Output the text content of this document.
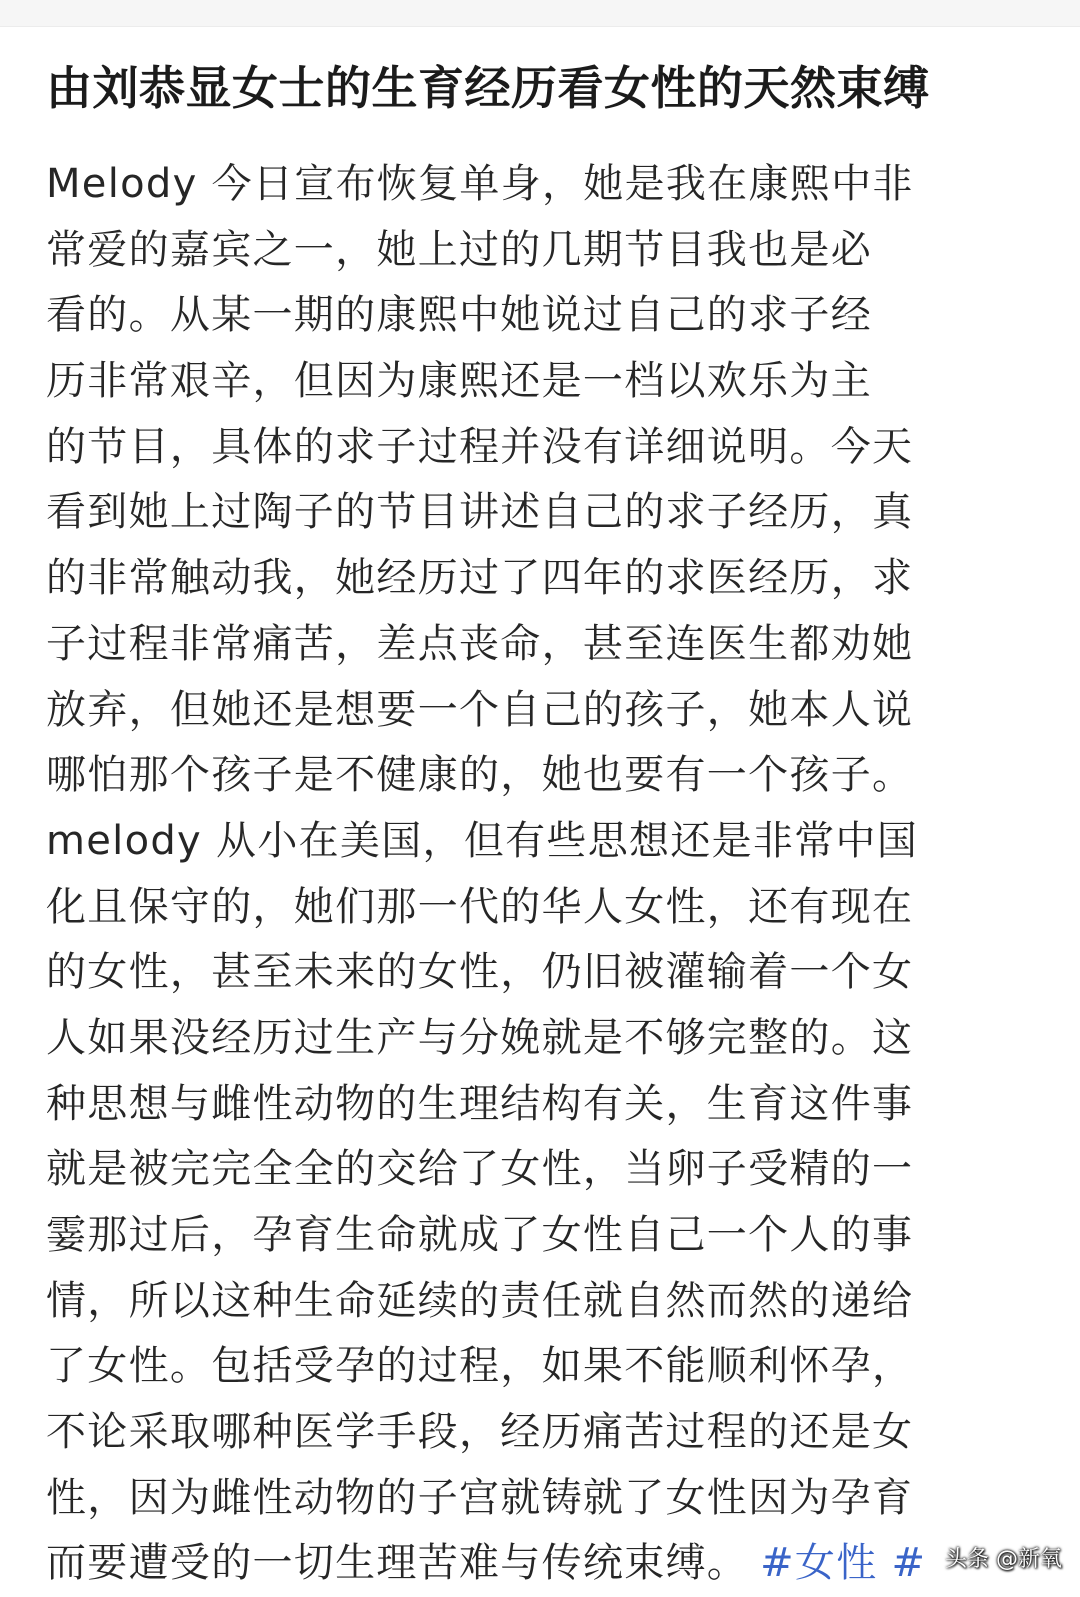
由刘恭显女士的生育经历看女性的天然束缚
Melody 今日宣布恢复单身，她是我在康熙中非
常爱的嘉宾之一，她上过的几期节目我也是必
看的。从某一期的康熙中她说过自己的求子经
历非常艰辛，但因为康熙还是一档以欢乐为主
的节目，具体的求子过程并没有详细说明。今天
看到她上过陶子的节目讲述自己的求子经历，真
的非常触动我，她经历过了四年的求医经历，求
子过程非常痛苦，差点丧命，甚至连医生都劝她
放弃，但她还是想要一个自己的孩子，她本人说
哪怕那个孩子是不健康的，她也要有一个孩子。
melody 从小在美国，但有些思想还是非常中国
化且保守的，她们那一代的华人女性，还有现在
的女性，甚至未来的女性，仍旧被灌输着一个女
人如果没经历过生产与分娩就是不够完整的。这
种思想与雌性动物的生理结构有关，生育这件事
就是被完完全全的交给了女性，当卵子受精的一
霎那过后，孕育生命就成了女性自己一个人的事
情，所以这种生命延续的责任就自然而然的递给
了女性。包括受孕的过程，如果不能顺利怀孕，
不论采取哪种医学手段，经历痛苦过程的还是女
性，因为雌性动物的子宫就铸就了女性因为孕育
而要遭受的一切生理苦难与传统束缚。 #女性 # 头条 @新氧
